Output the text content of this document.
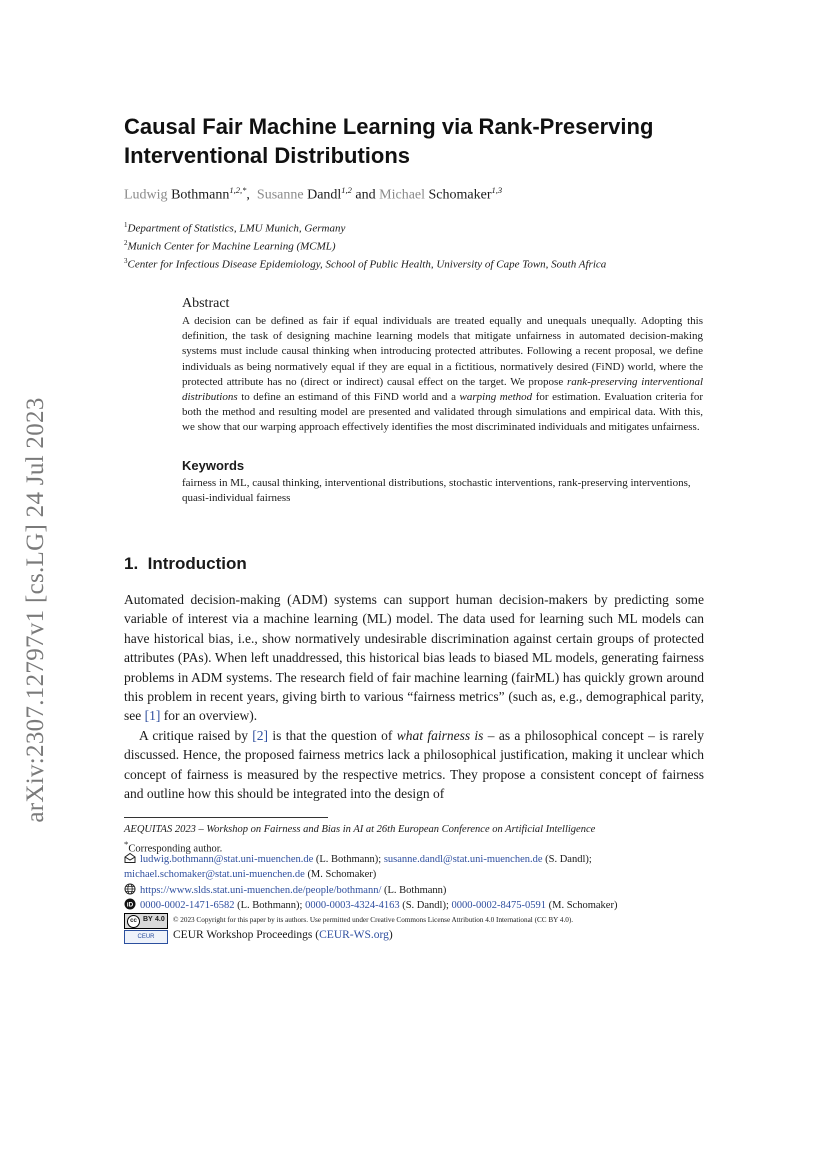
arXiv:2307.12797v1 [cs.LG] 24 Jul 2023
Causal Fair Machine Learning via Rank-Preserving
Interventional Distributions
Ludwig Bothmann$^{1,2,*}$, Susanne Dandl$^{1,2}$ and Michael Schomaker$^{1,3}$
$^1$Department of Statistics, LMU Munich, Germany
$^2$Munich Center for Machine Learning (MCML)
$^3$Center for Infectious Disease Epidemiology, School of Public Health, University of Cape Town, South Africa
Abstract
A decision can be defined as fair if equal individuals are treated equally and unequals unequally. Adopting this definition, the task of designing machine learning models that mitigate unfairness in automated decision-making systems must include causal thinking when introducing protected attributes. Following a recent proposal, we define individuals as being normatively equal if they are equal in a fictitious, normatively desired (FiND) world, where the protected attribute has no (direct or indirect) causal effect on the target. We propose rank-preserving interventional distributions to define an estimand of this FiND world and a warping method for estimation. Evaluation criteria for both the method and resulting model are presented and validated through simulations and empirical data. With this, we show that our warping approach effectively identifies the most discriminated individuals and mitigates unfairness.
Keywords
fairness in ML, causal thinking, interventional distributions, stochastic interventions, rank-preserving interventions, quasi-individual fairness
1. Introduction

Automated decision-making (ADM) systems can support human decision-makers by predicting some variable of interest via a machine learning (ML) model. The data used for learning such ML models can have historical bias, i.e., show normatively undesirable discrimination against certain groups of protected attributes (PAs). When left unaddressed, this historical bias leads to biased ML models, generating fairness problems in ADM systems. The research field of fair machine learning (fairML) has quickly grown around this problem in recent years, giving birth to various “fairness metrics” (such as, e.g., demographical parity, see [1] for an overview).

A critique raised by [2] is that the question of what fairness is – as a philosophical concept – is rarely discussed. Hence, the proposed fairness metrics lack a philosophical justification, making it unclear which concept of fairness is measured by the respective metrics. They propose a consistent concept of fairness and outline how this should be integrated into the design of

AEQUITAS 2023 – Workshop on Fairness and Bias in AI at 26th European Conference on Artificial Intelligence
*Corresponding author.
ludwig.bothmann@stat.uni-muenchen.de (L. Bothmann); susanne.dandl@stat.uni-muenchen.de (S. Dandl);
michael.schomaker@stat.uni-muenchen.de (M. Schomaker)
https://www.slds.stat.uni-muenchen.de/people/bothmann/ (L. Bothmann)
iD 0000-0002-1471-6582 (L. Bothmann); 0000-0003-4324-4163 (S. Dandl); 0000-0002-8475-0591 (M. Schomaker)
cc BY 4.0 © 2023 Copyright for this paper by its authors. Use permitted under Creative Commons License Attribution 4.0 International (CC BY 4.0).
CEUR	CEUR Workshop Proceedings (CEUR-WS.org)
